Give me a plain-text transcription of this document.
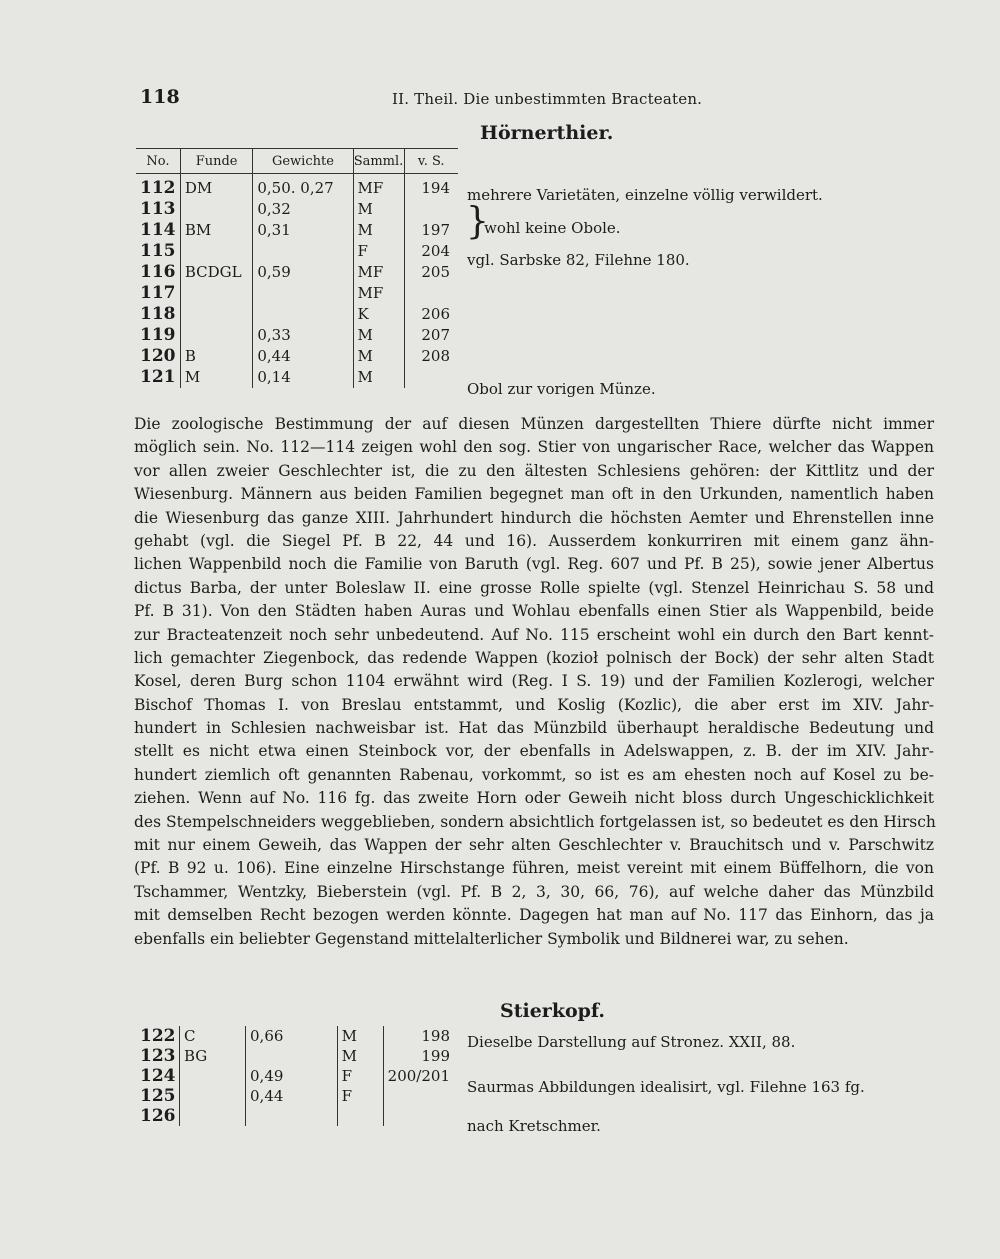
118	II. Theil. Die unbestimmten Bracteaten.
Hörnerthier.
No.	Funde	Gewichte	Samml.	v. S.

112	DM	0,50. 0,27	MF	194
113		0,32	M	
114	BM	0,31	M	197
115			F	204
116	BCDGL	0,59	MF	205
117			MF	
118			K	206
119		0,33	M	207
120	B	0,44	M	208
121	M	0,14	M	
mehrere Varietäten, einzelne völlig verwildert.
}
wohl keine Obole.
vgl. Sarbske 82, Filehne 180.
Obol zur vorigen Münze.
Die zoologische Bestimmung der auf diesen Münzen dargestellten Thiere dürfte nicht immer
möglich sein. No. 112—114 zeigen wohl den sog. Stier von ungarischer Race, welcher das Wappen
vor allen zweier Geschlechter ist, die zu den ältesten Schlesiens gehören: der Kittlitz und der
Wiesenburg. Männern aus beiden Familien begegnet man oft in den Urkunden, namentlich haben
die Wiesenburg das ganze XIII. Jahrhundert hindurch die höchsten Aemter und Ehrenstellen inne
gehabt (vgl. die Siegel Pf. B 22, 44 und 16). Ausserdem konkurriren mit einem ganz ähn-
lichen Wappenbild noch die Familie von Baruth (vgl. Reg. 607 und Pf. B 25), sowie jener Albertus
dictus Barba, der unter Boleslaw II. eine grosse Rolle spielte (vgl. Stenzel Heinrichau S. 58 und
Pf. B 31). Von den Städten haben Auras und Wohlau ebenfalls einen Stier als Wappenbild, beide
zur Bracteatenzeit noch sehr unbedeutend. Auf No. 115 erscheint wohl ein durch den Bart kennt-
lich gemachter Ziegenbock, das redende Wappen (kozioł polnisch der Bock) der sehr alten Stadt
Kosel, deren Burg schon 1104 erwähnt wird (Reg. I S. 19) und der Familien Kozlerogi, welcher
Bischof Thomas I. von Breslau entstammt, und Koslig (Kozlic), die aber erst im XIV. Jahr-
hundert in Schlesien nachweisbar ist. Hat das Münzbild überhaupt heraldische Bedeutung und
stellt es nicht etwa einen Steinbock vor, der ebenfalls in Adelswappen, z. B. der im XIV. Jahr-
hundert ziemlich oft genannten Rabenau, vorkommt, so ist es am ehesten noch auf Kosel zu be-
ziehen. Wenn auf No. 116 fg. das zweite Horn oder Geweih nicht bloss durch Ungeschicklichkeit
des Stempelschneiders weggeblieben, sondern absichtlich fortgelassen ist, so bedeutet es den Hirsch
mit nur einem Geweih, das Wappen der sehr alten Geschlechter v. Brauchitsch und v. Parschwitz
(Pf. B 92 u. 106). Eine einzelne Hirschstange führen, meist vereint mit einem Büffelhorn, die von
Tschammer, Wentzky, Bieberstein (vgl. Pf. B 2, 3, 30, 66, 76), auf welche daher das Münzbild
mit demselben Recht bezogen werden könnte. Dagegen hat man auf No. 117 das Einhorn, das ja
ebenfalls ein beliebter Gegenstand mittelalterlicher Symbolik und Bildnerei war, zu sehen.
Stierkopf.
122	C	0,66	M	198
123	BG		M	199
124		0,49	F	200/201
125		0,44	F	
126				
Dieselbe Darstellung auf Stronez. XXII, 88.
Saurmas Abbildungen idealisirt, vgl. Filehne 163 fg.
nach Kretschmer.
